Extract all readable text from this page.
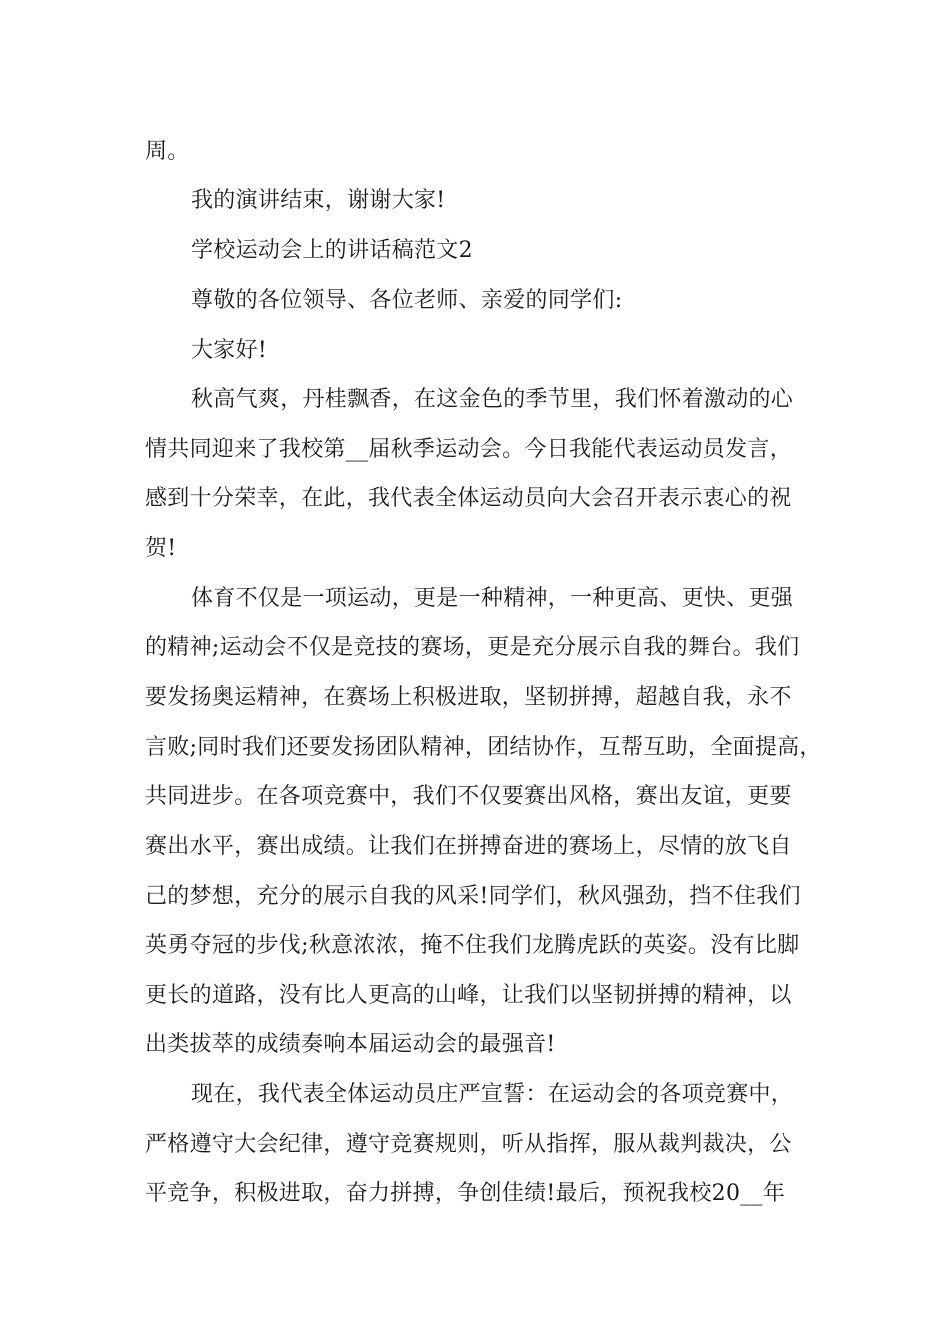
周。
我的演讲结束，谢谢大家!
学校运动会上的讲话稿范文2
尊敬的各位领导、各位老师、亲爱的同学们:
大家好!
秋高气爽，丹桂飘香，在这金色的季节里，我们怀着激动的心
情共同迎来了我校第__届秋季运动会。今日我能代表运动员发言，
感到十分荣幸，在此，我代表全体运动员向大会召开表示衷心的祝
贺!
体育不仅是一项运动，更是一种精神，一种更高、更快、更强
的精神;运动会不仅是竞技的赛场，更是充分展示自我的舞台。我们
要发扬奥运精神，在赛场上积极进取，坚韧拼搏，超越自我，永不
言败;同时我们还要发扬团队精神，团结协作，互帮互助，全面提高，
共同进步。在各项竞赛中，我们不仅要赛出风格，赛出友谊，更要
赛出水平，赛出成绩。让我们在拼搏奋进的赛场上，尽情的放飞自
己的梦想，充分的展示自我的风采!同学们，秋风强劲，挡不住我们
英勇夺冠的步伐;秋意浓浓，掩不住我们龙腾虎跃的英姿。没有比脚
更长的道路，没有比人更高的山峰，让我们以坚韧拼搏的精神，以
出类拔萃的成绩奏响本届运动会的最强音!
现在，我代表全体运动员庄严宣誓：在运动会的各项竞赛中，
严格遵守大会纪律，遵守竞赛规则，听从指挥，服从裁判裁决，公
平竞争，积极进取，奋力拼搏，争创佳绩!最后，预祝我校20__年
